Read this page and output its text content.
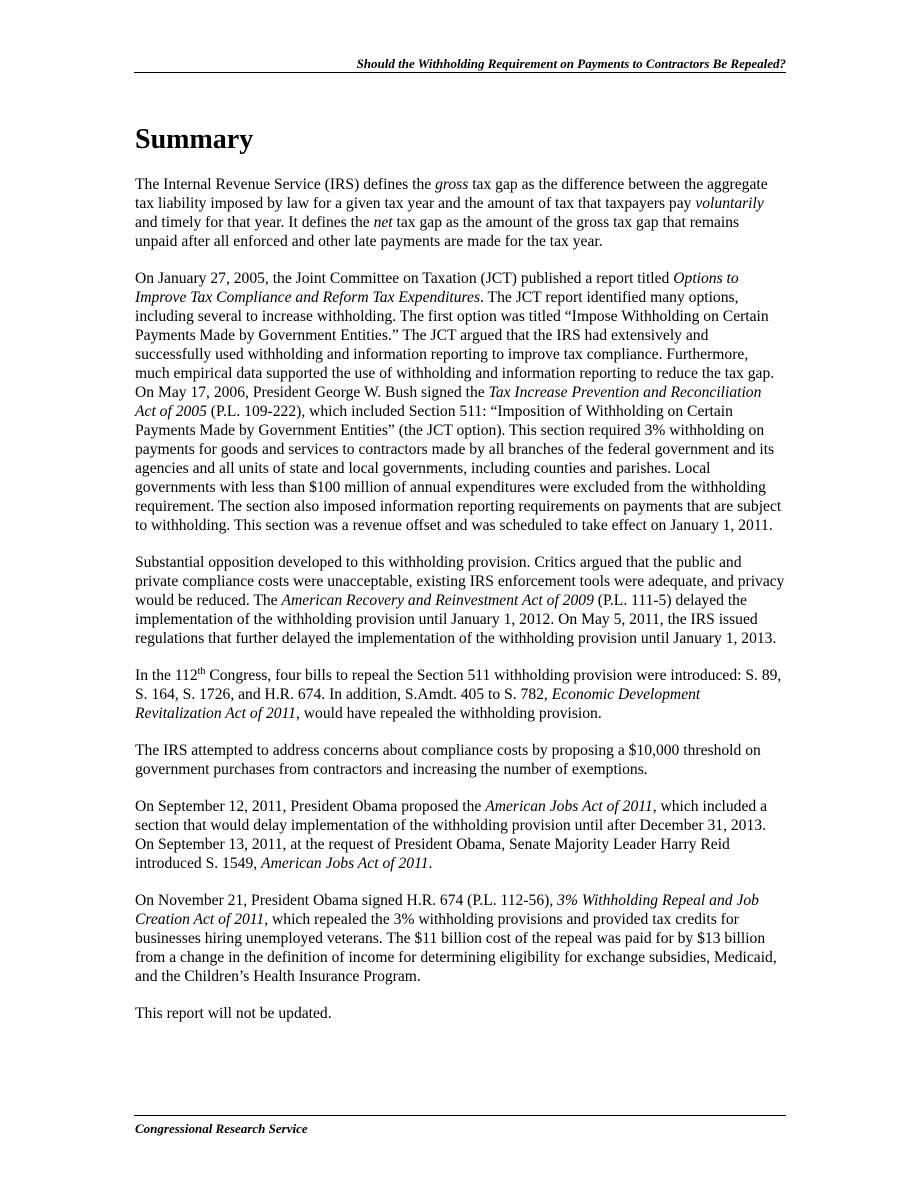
Should the Withholding Requirement on Payments to Contractors Be Repealed?
Summary

The Internal Revenue Service (IRS) defines the gross tax gap as the difference between the aggregate tax liability imposed by law for a given tax year and the amount of tax that taxpayers pay voluntarily and timely for that year. It defines the net tax gap as the amount of the gross tax gap that remains unpaid after all enforced and other late payments are made for the tax year.

On January 27, 2005, the Joint Committee on Taxation (JCT) published a report titled Options to Improve Tax Compliance and Reform Tax Expenditures. The JCT report identified many options, including several to increase withholding. The first option was titled “Impose Withholding on Certain Payments Made by Government Entities.” The JCT argued that the IRS had extensively and successfully used withholding and information reporting to improve tax compliance. Furthermore, much empirical data supported the use of withholding and information reporting to reduce the tax gap. On May 17, 2006, President George W. Bush signed the Tax Increase Prevention and Reconciliation Act of 2005 (P.L. 109-222), which included Section 511: “Imposition of Withholding on Certain Payments Made by Government Entities” (the JCT option). This section required 3% withholding on payments for goods and services to contractors made by all branches of the federal government and its agencies and all units of state and local governments, including counties and parishes. Local governments with less than $100 million of annual expenditures were excluded from the withholding requirement. The section also imposed information reporting requirements on payments that are subject to withholding. This section was a revenue offset and was scheduled to take effect on January 1, 2011.

Substantial opposition developed to this withholding provision. Critics argued that the public and private compliance costs were unacceptable, existing IRS enforcement tools were adequate, and privacy would be reduced. The American Recovery and Reinvestment Act of 2009 (P.L. 111-5) delayed the implementation of the withholding provision until January 1, 2012. On May 5, 2011, the IRS issued regulations that further delayed the implementation of the withholding provision until January 1, 2013.

In the 112th Congress, four bills to repeal the Section 511 withholding provision were introduced: S. 89, S. 164, S. 1726, and H.R. 674. In addition, S.Amdt. 405 to S. 782, Economic Development Revitalization Act of 2011, would have repealed the withholding provision.

The IRS attempted to address concerns about compliance costs by proposing a $10,000 threshold on government purchases from contractors and increasing the number of exemptions.

On September 12, 2011, President Obama proposed the American Jobs Act of 2011, which included a section that would delay implementation of the withholding provision until after December 31, 2013. On September 13, 2011, at the request of President Obama, Senate Majority Leader Harry Reid introduced S. 1549, American Jobs Act of 2011.

On November 21, President Obama signed H.R. 674 (P.L. 112-56), 3% Withholding Repeal and Job Creation Act of 2011, which repealed the 3% withholding provisions and provided tax credits for businesses hiring unemployed veterans. The $11 billion cost of the repeal was paid for by $13 billion from a change in the definition of income for determining eligibility for exchange subsidies, Medicaid, and the Children’s Health Insurance Program.

This report will not be updated.

Congressional Research Service
